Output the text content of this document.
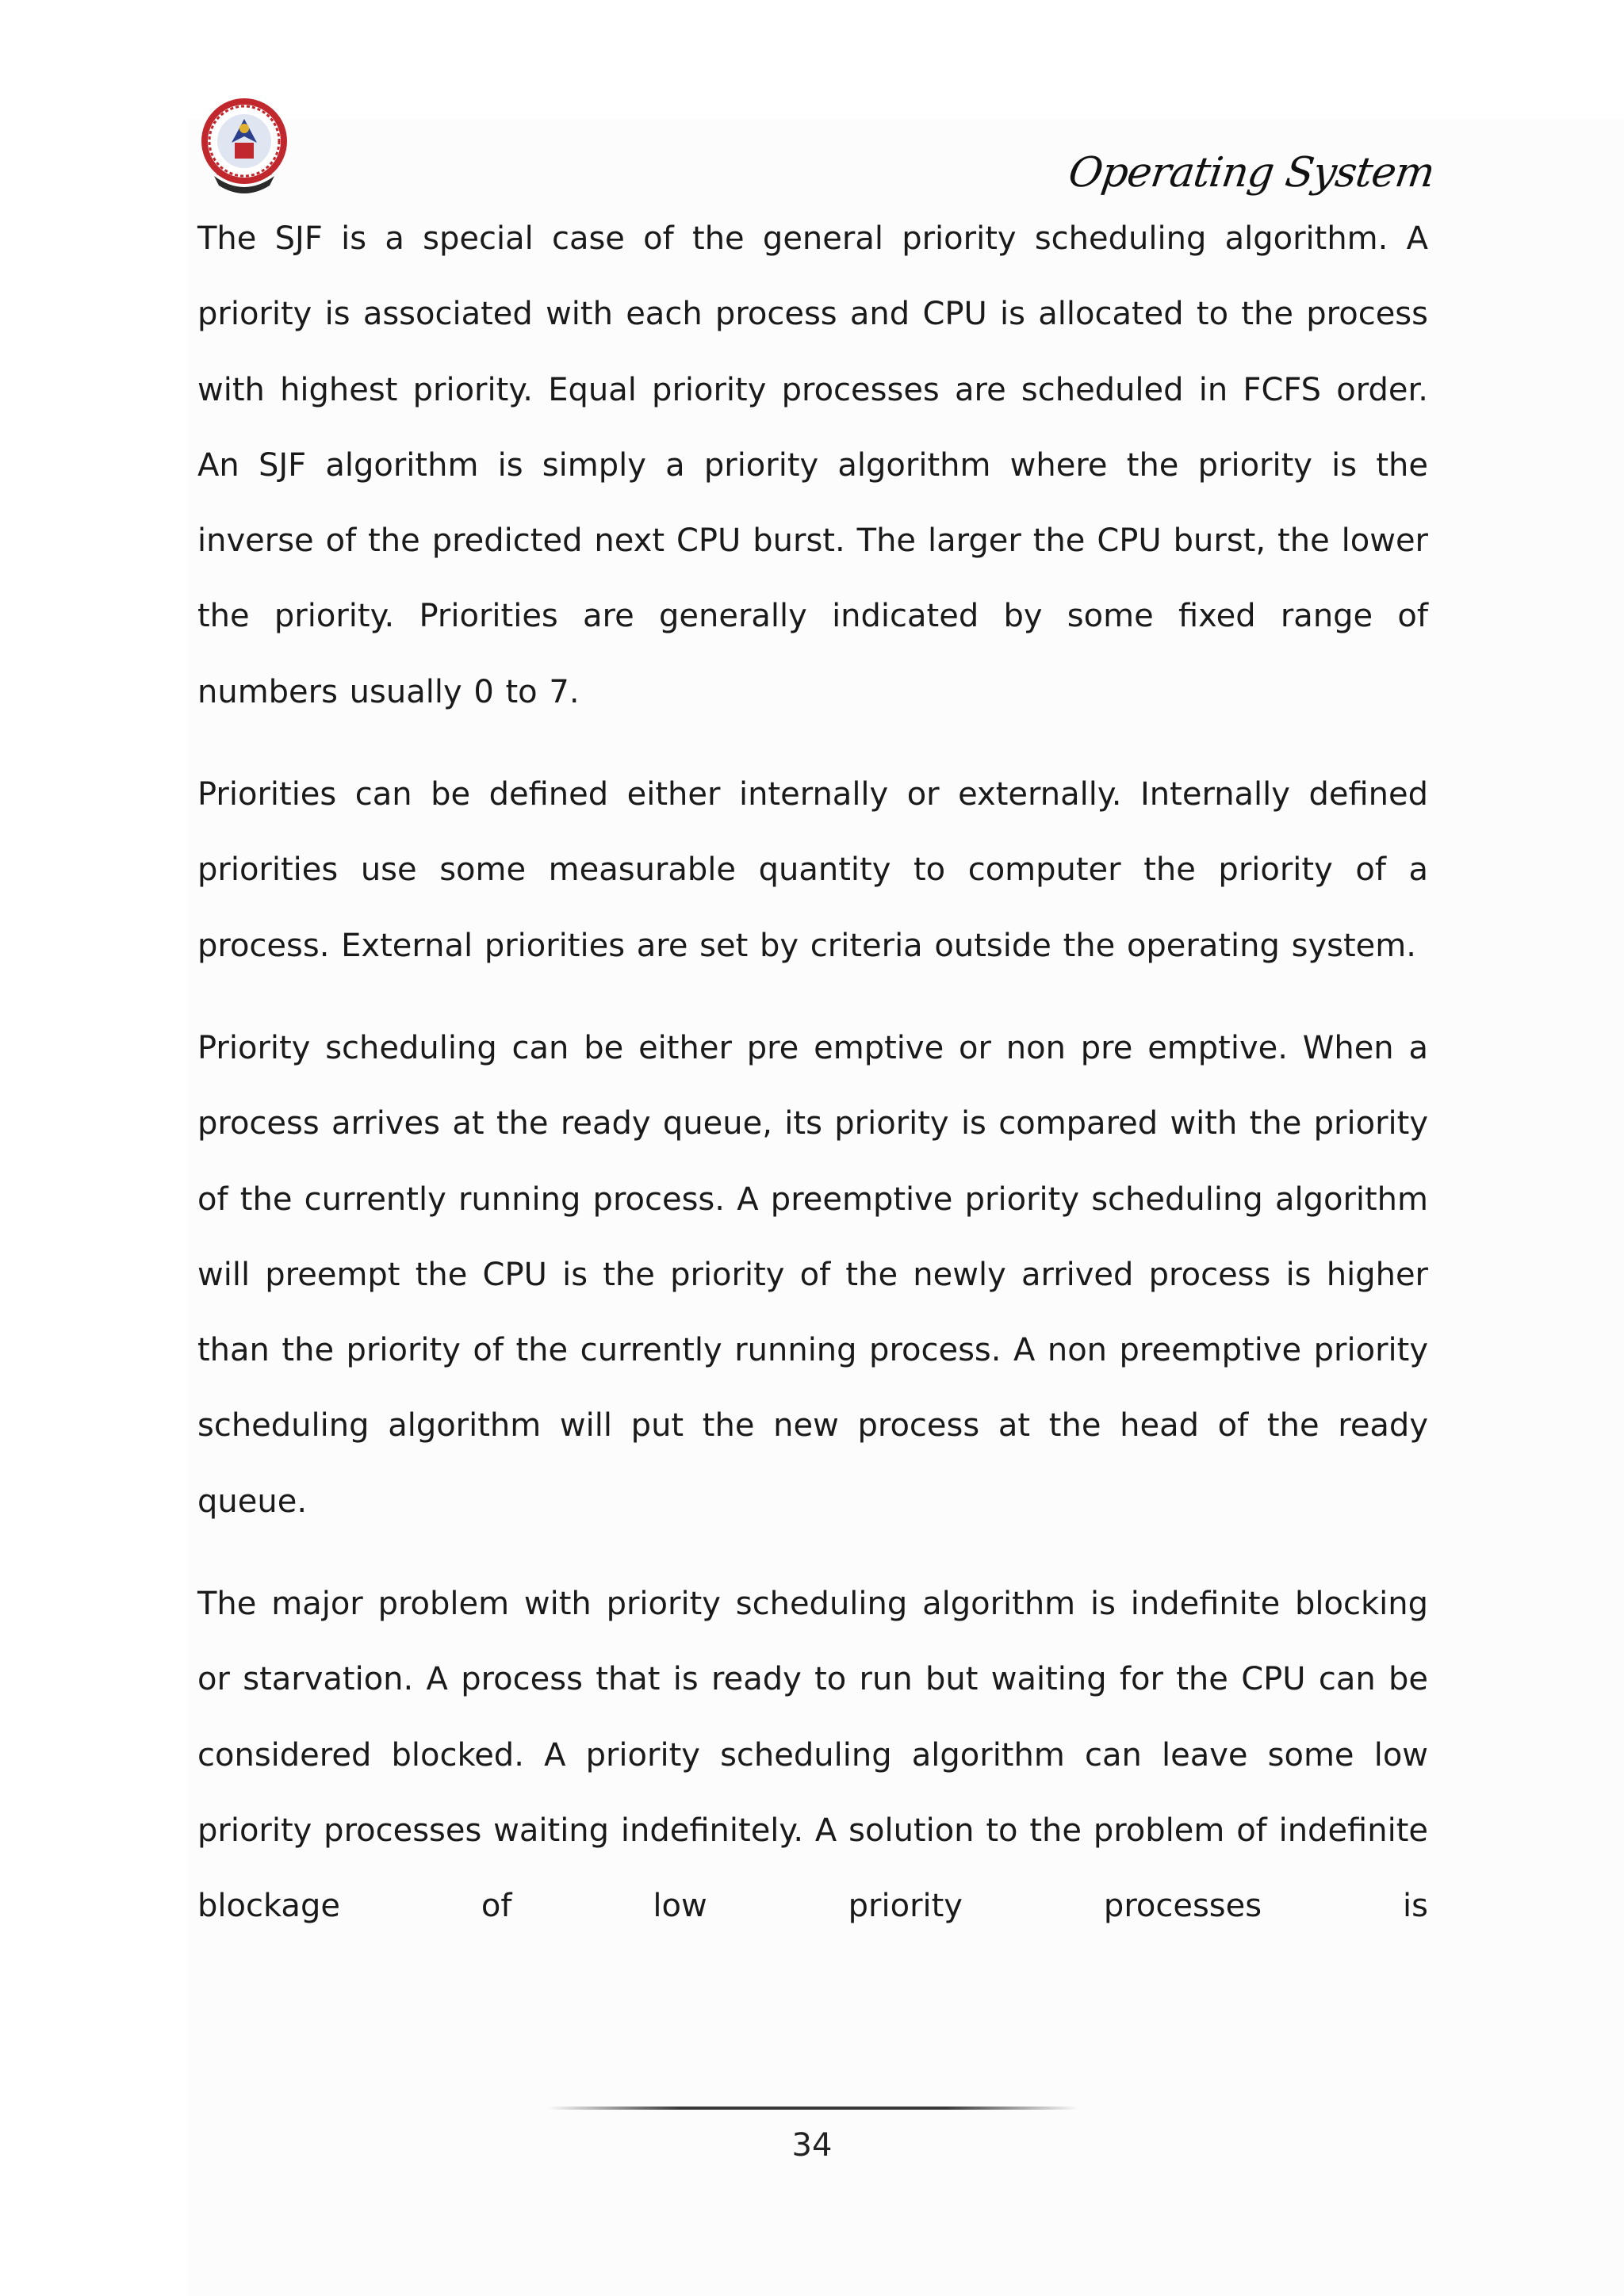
Operating System

The SJF is a special case of the general priority scheduling algorithm. A priority is associated with each process and CPU is allocated to the process with highest priority. Equal priority processes are scheduled in FCFS order. An SJF algorithm is simply a priority algorithm where the priority is the inverse of the predicted next CPU burst. The larger the CPU burst, the lower the priority. Priorities are generally indicated by some fixed range of numbers usually 0 to 7.

Priorities can be defined either internally or externally. Internally defined priorities use some measurable quantity to computer the priority of a process. External priorities are set by criteria outside the operating system.

Priority scheduling can be either pre emptive or non pre emptive. When a process arrives at the ready queue, its priority is compared with the priority of the currently running process. A preemptive priority scheduling algorithm will preempt the CPU is the priority of the newly arrived process is higher than the priority of the currently running process. A non preemptive priority scheduling algorithm will put the new process at the head of the ready queue.

The major problem with priority scheduling algorithm is indefinite blocking or starvation. A process that is ready to run but waiting for the CPU can be considered blocked. A priority scheduling algorithm can leave some low priority processes waiting indefinitely. A solution to the problem of indefinite blockage of low priority processes is

34
